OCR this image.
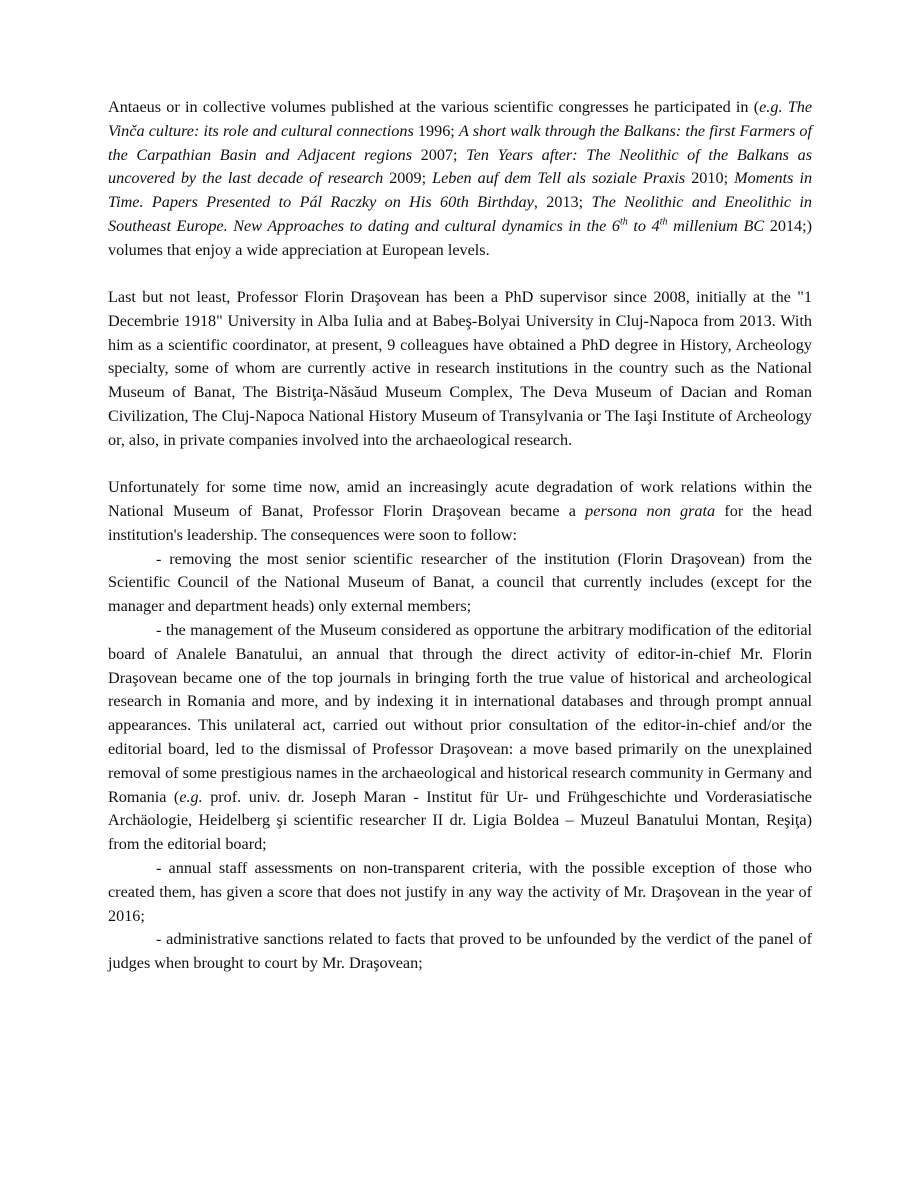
Antaeus or in collective volumes published at the various scientific congresses he participated in (e.g. The Vinča culture: its role and cultural connections 1996; A short walk through the Balkans: the first Farmers of the Carpathian Basin and Adjacent regions 2007; Ten Years after: The Neolithic of the Balkans as uncovered by the last decade of research 2009; Leben auf dem Tell als soziale Praxis 2010; Moments in Time. Papers Presented to Pál Raczky on His 60th Birthday, 2013; The Neolithic and Eneolithic in Southeast Europe. New Approaches to dating and cultural dynamics in the 6th to 4th millenium BC 2014;) volumes that enjoy a wide appreciation at European levels.

Last but not least, Professor Florin Draşovean has been a PhD supervisor since 2008, initially at the "1 Decembrie 1918" University in Alba Iulia and at Babeş-Bolyai University in Cluj-Napoca from 2013. With him as a scientific coordinator, at present, 9 colleagues have obtained a PhD degree in History, Archeology specialty, some of whom are currently active in research institutions in the country such as the National Museum of Banat, The Bistriţa-Năsăud Museum Complex, The Deva Museum of Dacian and Roman Civilization, The Cluj-Napoca National History Museum of Transylvania or The Iaşi Institute of Archeology or, also, in private companies involved into the archaeological research.

Unfortunately for some time now, amid an increasingly acute degradation of work relations within the National Museum of Banat, Professor Florin Draşovean became a persona non grata for the head institution's leadership. The consequences were soon to follow:

- removing the most senior scientific researcher of the institution (Florin Draşovean) from the Scientific Council of the National Museum of Banat, a council that currently includes (except for the manager and department heads) only external members;

- the management of the Museum considered as opportune the arbitrary modification of the editorial board of Analele Banatului, an annual that through the direct activity of editor-in-chief Mr. Florin Draşovean became one of the top journals in bringing forth the true value of historical and archeological research in Romania and more, and by indexing it in international databases and through prompt annual appearances. This unilateral act, carried out without prior consultation of the editor-in-chief and/or the editorial board, led to the dismissal of Professor Draşovean: a move based primarily on the unexplained removal of some prestigious names in the archaeological and historical research community in Germany and Romania (e.g. prof. univ. dr. Joseph Maran - Institut für Ur- und Frühgeschichte und Vorderasiatische Archäologie, Heidelberg şi scientific researcher II dr. Ligia Boldea – Muzeul Banatului Montan, Reşiţa) from the editorial board;

- annual staff assessments on non-transparent criteria, with the possible exception of those who created them, has given a score that does not justify in any way the activity of Mr. Draşovean in the year of 2016;

- administrative sanctions related to facts that proved to be unfounded by the verdict of the panel of judges when brought to court by Mr. Draşovean;
